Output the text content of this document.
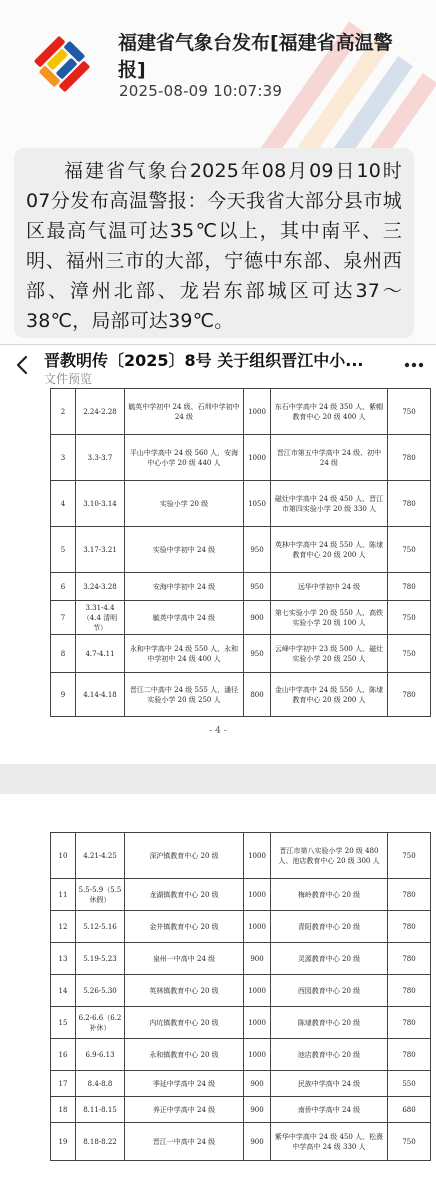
福建省气象台发布[福建省高温警报]
2025-08-09 10:07:39

福建省气象台2025年08月09日10时07分发布高温警报：今天我省大部分县市城区最高气温可达35℃以上，其中南平、三明、福州三市的大部，宁德中东部、泉州西部、漳州北部、龙岩东部城区可达37～38℃，局部可达39℃。

晋教明传〔2025〕8号 关于组织晋江中小...
文件预览
2	2.24-2.28	毓英中学初中 24 级、石圳中学初中 24 级	1000	东石中学高中 24 级 350 人、紫帽教育中心 20 级 400 人	750
3	3.3-3.7	平山中学高中 24 级 560 人、安海中心小学 20 级 440 人	1000	晋江市第五中学高中 24 级、初中 24 级	780
4	3.10-3.14	实验小学 20 级	1050	磁灶中学高中 24 级 450 人、晋江市第四实验小学 20 级 330 人	780
5	3.17-3.21	实验中学初中 24 级	950	英林中学高中 24 级 550 人、陈埭教育中心 20 级 200 人	750
6	3.24-3.28	安海中学初中 24 级	950	远华中学初中 24 级	780
7	3.31-4.4（4.4 清明节）	毓英中学高中 24 级	900	第七实验小学 20 级 550 人、高铁实验小学 20 级 100 人	750
8	4.7-4.11	永和中学高中 24 级 550 人、永和中学初中 24 级 400 人	950	云峰中学初中 23 级 500 人、磁灶实验小学 20 级 250 人	750
9	4.14-4.18	晋江二中高中 24 级 555 人、潘径实验小学 20 级 250 人	800	金山中学高中 24 级 550 人、陈埭教育中心 20 级 200 人	780
- 4 -
10	4.21-4.25	深沪镇教育中心 20 级	1000	晋江市第八实验小学 20 级 480 人、池店教育中心 20 级 300 人	750
11	5.5-5.9（5.5 休假）	龙湖镇教育中心 20 级	1000	梅岭教育中心 20 级	780
12	5.12-5.16	金井镇教育中心 20 级	1000	青阳教育中心 20 级	780
13	5.19-5.23	泉州一中高中 24 级	900	灵源教育中心 20 级	780
14	5.26-5.30	英林镇教育中心 20 级	1000	西园教育中心 20 级	780
15	6.2-6.6（6.2 补休）	内坑镇教育中心 20 级	1000	陈埭教育中心 20 级	780
16	6.9-6.13	永和镇教育中心 20 级	1000	池店教育中心 20 级	780
17	8.4-8.8	季延中学高中 24 级	900	民族中学高中 24 级	550
18	8.11-8.15	养正中学高中 24 级	900	南侨中学高中 24 级	680
19	8.18-8.22	晋江一中高中 24 级	900	紫华中学高中 24 级 450 人、松熹中学高中 24 级 330 人	750
